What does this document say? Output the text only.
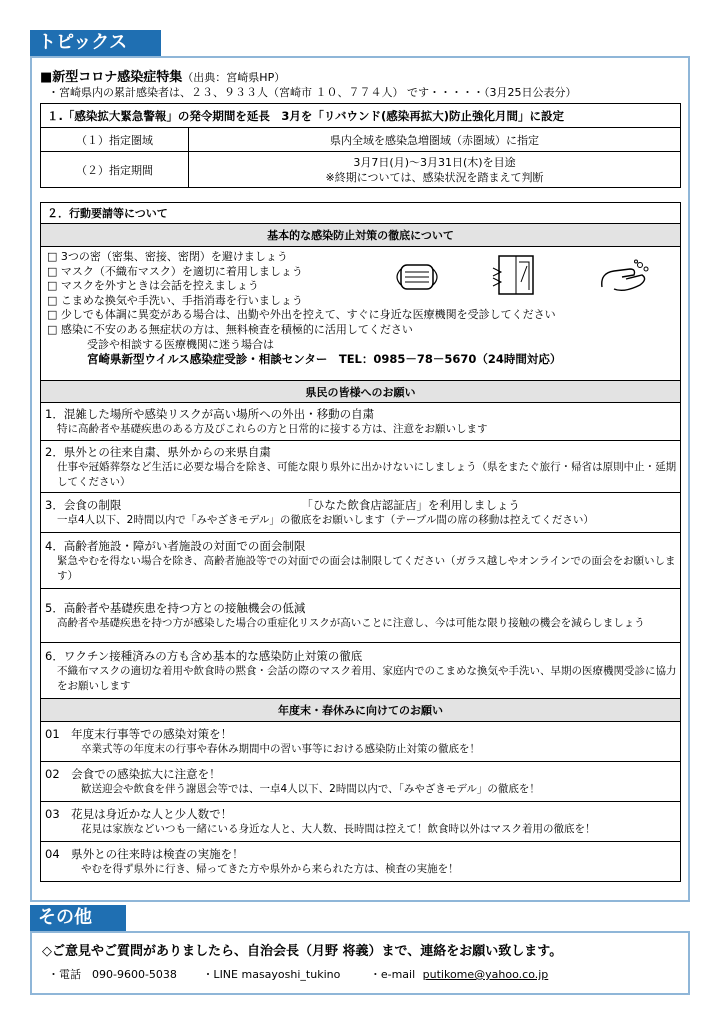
トピックス
■新型コロナ感染症特集（出典：宮崎県HP）
・宮崎県内の累計感染者は、２３、９３３人（宮崎市 １０、７７４人） です・・・・・（3月25日公表分）
１.「感染拡大緊急警報」の発令期間を延長　3月を「リバウンド(感染再拡大)防止強化月間」に設定	
（１）指定圏域	県内全域を感染急増圏域（赤圏域）に指定
（２）指定期間	3月7日(月)～3月31日(木)を目途
※終期については、感染状況を踏まえて判断
２．行動要請等について
基本的な感染防止対策の徹底について

□ 3つの密（密集、密接、密閉）を避けましょう
□ マスク（不織布マスク）を適切に着用しましょう
□ マスクを外すときは会話を控えましょう
□ こまめな換気や手洗い、手指消毒を行いましょう
□ 少しでも体調に異変がある場合は、出勤や外出を控えて、すぐに身近な医療機関を受診してください
□ 感染に不安のある無症状の方は、無料検査を積極的に活用してください
受診や相談する医療機関に迷う場合は
宮崎県新型ウイルス感染症受診・相談センター　TEL：0985－78－5670（24時間対応）

県民の皆様へのお願い

1．混雑した場所や感染リスクが高い場所への外出・移動の自粛
特に高齢者や基礎疾患のある方及びこれらの方と日常的に接する方は、注意をお願いします

2．県外との往来自粛、県外からの来県自粛
仕事や冠婚葬祭など生活に必要な場合を除き、可能な限り県外に出かけないにしましょう（県をまたぐ旅行・帰省は原則中止・延期してください）

3．会食の制限	「ひなた飲食店認証店」を利用しましょう
一卓4人以下、2時間以内で「みやざきモデル」の徹底をお願いします（テーブル間の席の移動は控えてください）

4．高齢者施設・障がい者施設の対面での面会制限
緊急やむを得ない場合を除き、高齢者施設等での対面での面会は制限してください（ガラス越しやオンラインでの面会をお願いします）

5．高齢者や基礎疾患を持つ方との接触機会の低減
高齢者や基礎疾患を持つ方が感染した場合の重症化リスクが高いことに注意し、今は可能な限り接触の機会を減らしましょう

6．ワクチン接種済みの方も含め基本的な感染防止対策の徹底
不織布マスクの適切な着用や飲食時の黙食・会話の際のマスク着用、家庭内でのこまめな換気や手洗い、早期の医療機関受診に協力をお願いします

年度末・春休みに向けてのお願い

01　年度末行事等での感染対策を！
卒業式等の年度末の行事や春休み期間中の習い事等における感染防止対策の徹底を！

02　会食での感染拡大に注意を！
歓送迎会や飲食を伴う謝恩会等では、一卓4人以下、2時間以内で、「みやざきモデル」の徹底を！

03　花見は身近かな人と少人数で！
花見は家族などいつも一緒にいる身近な人と、大人数、長時間は控えて！飲食時以外はマスク着用の徹底を！

04　県外との往来時は検査の実施を！
やむを得ず県外に行き、帰ってきた方や県外から来られた方は、検査の実施を！
その他
◇ご意見やご質問がありましたら、自治会長（月野 将義）まで、連絡をお願い致します。
・電話　090-9600-5038 ・LINE masayoshi_tukino	・e-mail putikome@yahoo.co.jp
